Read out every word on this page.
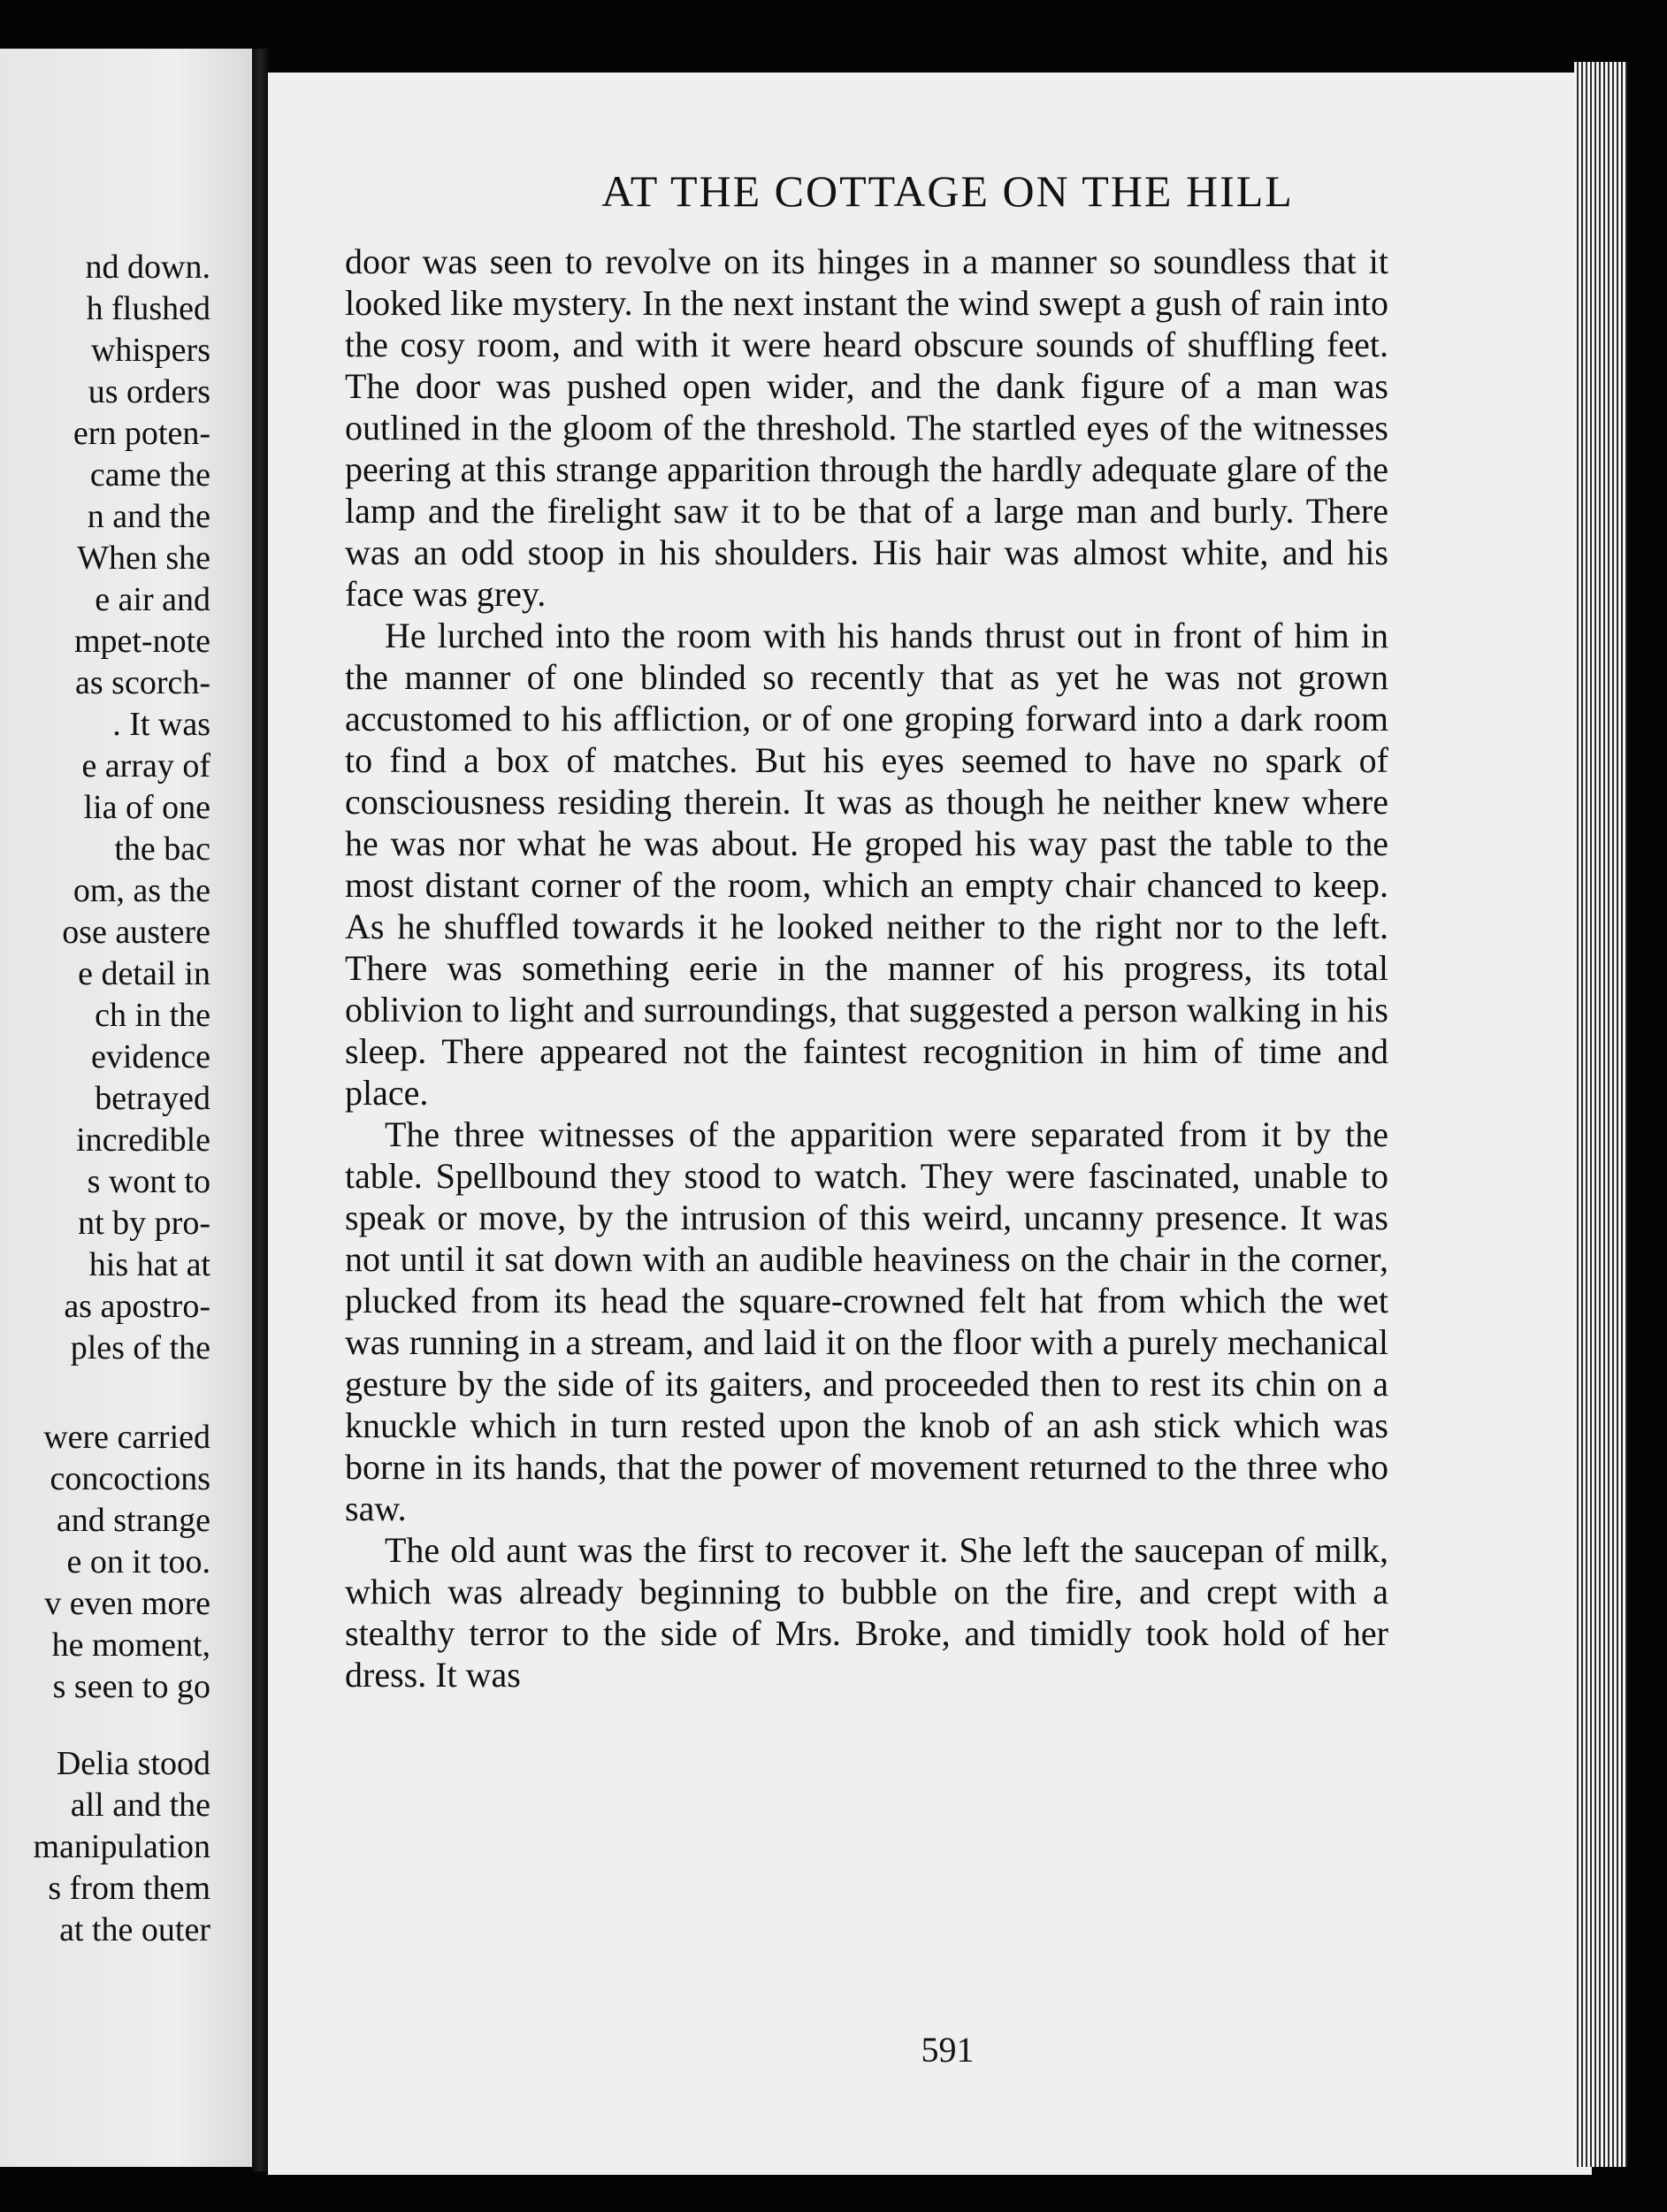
nd down.
h flushed
whispers
us orders
ern poten-
came the
n and the
When she
e air and
mpet-note
as scorch-
. It was
e array of
lia of one
the bac
om, as the
ose austere
e detail in
ch in the
evidence
betrayed
incredible
s wont to
nt by pro-
his hat at
as apostro-
ples of the
were carried
concoctions
and strange
e on it too.
v even more
he moment,
s seen to go
Delia stood
all and the
manipulation
s from them
at the outer
AT THE COTTAGE ON THE HILL

door was seen to revolve on its hinges in a manner so soundless that it looked like mystery. In the next instant the wind swept a gush of rain into the cosy room, and with it were heard obscure sounds of shuffling feet. The door was pushed open wider, and the dank figure of a man was outlined in the gloom of the threshold. The startled eyes of the witnesses peering at this strange apparition through the hardly adequate glare of the lamp and the firelight saw it to be that of a large man and burly. There was an odd stoop in his shoulders. His hair was almost white, and his face was grey.

He lurched into the room with his hands thrust out in front of him in the manner of one blinded so recently that as yet he was not grown accustomed to his affliction, or of one groping forward into a dark room to find a box of matches. But his eyes seemed to have no spark of consciousness residing therein. It was as though he neither knew where he was nor what he was about. He groped his way past the table to the most distant corner of the room, which an empty chair chanced to keep. As he shuffled towards it he looked neither to the right nor to the left. There was something eerie in the manner of his progress, its total oblivion to light and surroundings, that suggested a person walking in his sleep. There appeared not the faintest recognition in him of time and place.

The three witnesses of the apparition were separated from it by the table. Spellbound they stood to watch. They were fascinated, unable to speak or move, by the intrusion of this weird, uncanny presence. It was not until it sat down with an audible heaviness on the chair in the corner, plucked from its head the square-crowned felt hat from which the wet was running in a stream, and laid it on the floor with a purely mechanical gesture by the side of its gaiters, and proceeded then to rest its chin on a knuckle which in turn rested upon the knob of an ash stick which was borne in its hands, that the power of movement returned to the three who saw.

The old aunt was the first to recover it. She left the saucepan of milk, which was already beginning to bubble on the fire, and crept with a stealthy terror to the side of Mrs. Broke, and timidly took hold of her dress. It was

591
